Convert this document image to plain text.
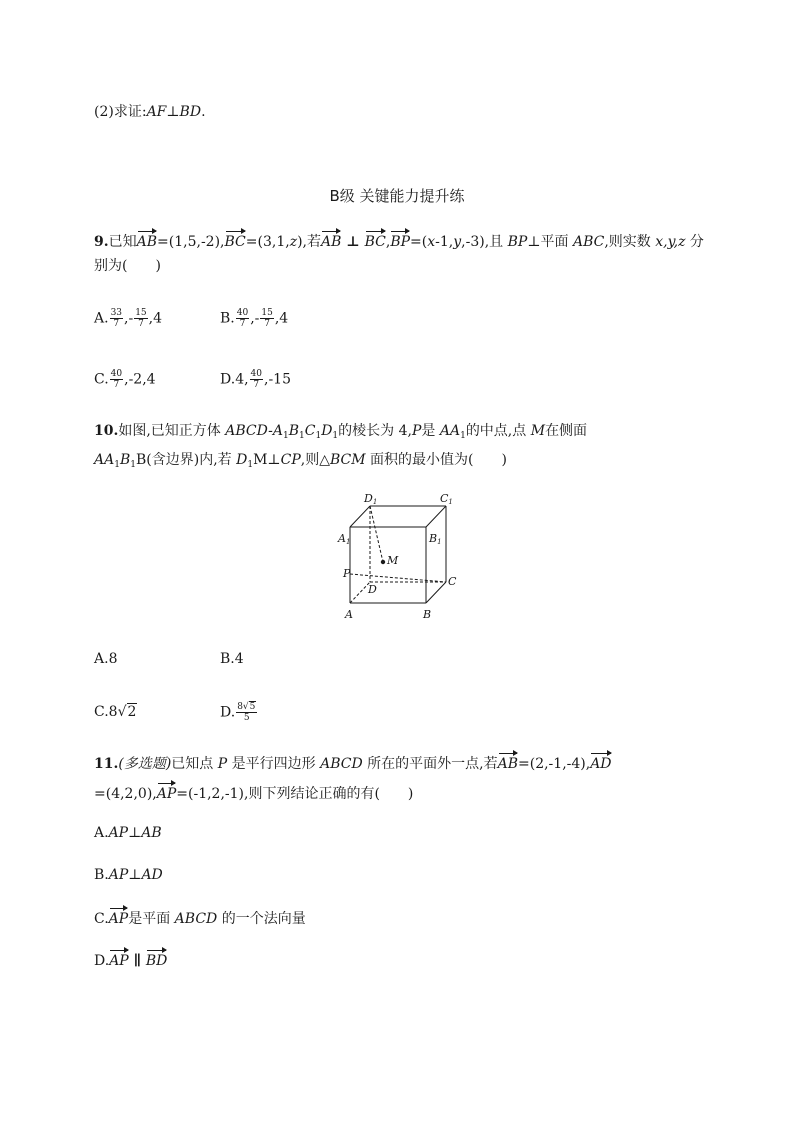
(2)求证:AF⊥BD.
B级 关键能力提升练
9.已知AB=(1,5,-2),BC=(3,1,z),若AB ⊥ BC,BP=(x-1,y,-3),且 BP⊥平面 ABC,则实数 x,y,z 分
别为(　　)
A. $\frac{33}{7}$ ,- $\frac{15}{7} ,4$	B. $\frac{40}{7}$ ,- $\frac{15}{7} ,4$
C. $\frac{40}{7} ,-2,4$	D.4, $\frac{40}{7} ,-15$
10.如图,已知正方体 ABCD-$A_1B_1C_1D_1$的棱长为 4,P是 $AA_1$的中点,点 M在侧面
$AA_1B_1B$(含边界)内,若 $D_1M\perp CP$,则△BCM 面积的最小值为(　　)
D1	C1
A1	B1
M
P
D
C
A	B
A.8	B.4
C.8√2	D. $\frac{8√5}{5}$
11.(多选题)已知点 P 是平行四边形 ABCD 所在的平面外一点,若AB=(2,-1,-4),AD
=(4,2,0),AP=(-1,2,-1),则下列结论正确的有(　　)
A.AP⊥AB
B.AP⊥AD
C.AP是平面 ABCD 的一个法向量
D.AP ∥ BD
